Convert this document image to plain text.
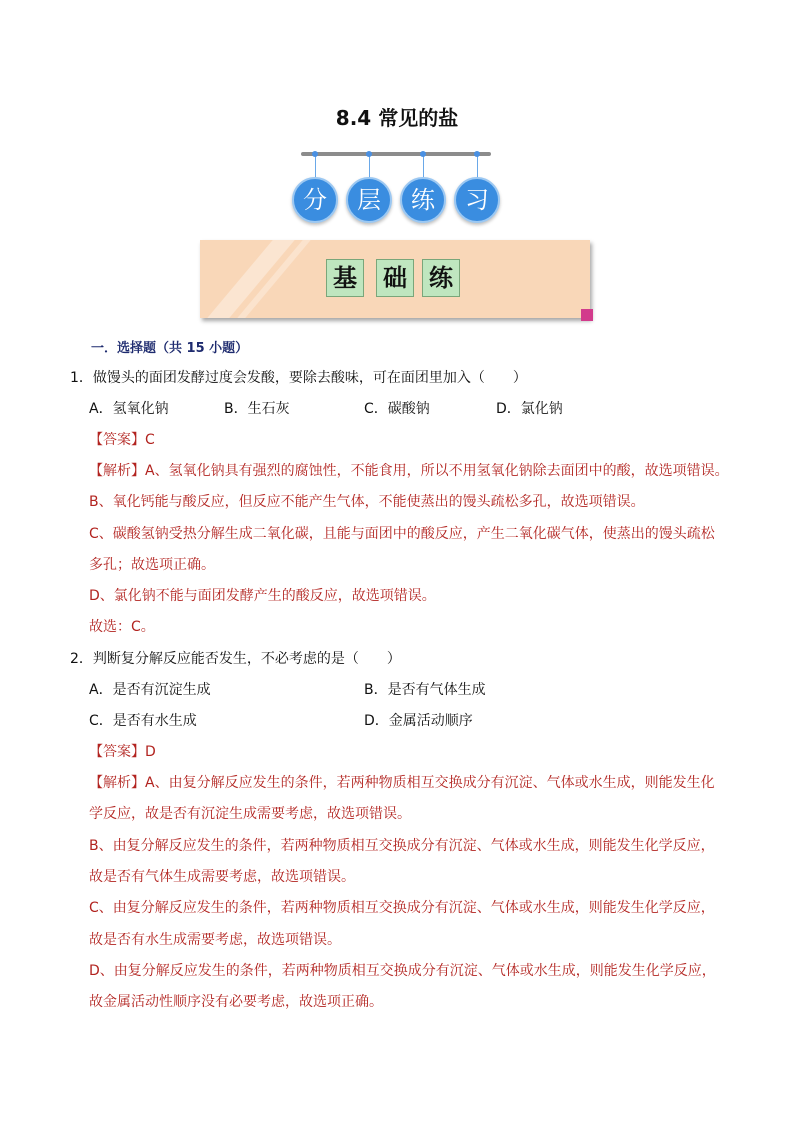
8.4 常见的盐
分	层	练	习
基 础 练
一．选择题（共 15 小题）
1．做馒头的面团发酵过度会发酸，要除去酸味，可在面团里加入（　　）
A．氢氧化钠	B．生石灰	C．碳酸钠	D．氯化钠
【答案】C
【解析】A、氢氧化钠具有强烈的腐蚀性，不能食用，所以不用氢氧化钠除去面团中的酸，故选项错误。
B、氧化钙能与酸反应，但反应不能产生气体，不能使蒸出的馒头疏松多孔，故选项错误。
C、碳酸氢钠受热分解生成二氧化碳，且能与面团中的酸反应，产生二氧化碳气体，使蒸出的馒头疏松
多孔；故选项正确。
D、氯化钠不能与面团发酵产生的酸反应，故选项错误。
故选：C。
2．判断复分解反应能否发生，不必考虑的是（　　）
A．是否有沉淀生成	B．是否有气体生成
C．是否有水生成	D．金属活动顺序
【答案】D
【解析】A、由复分解反应发生的条件，若两种物质相互交换成分有沉淀、气体或水生成，则能发生化
学反应，故是否有沉淀生成需要考虑，故选项错误。
B、由复分解反应发生的条件，若两种物质相互交换成分有沉淀、气体或水生成，则能发生化学反应，
故是否有气体生成需要考虑，故选项错误。
C、由复分解反应发生的条件，若两种物质相互交换成分有沉淀、气体或水生成，则能发生化学反应，
故是否有水生成需要考虑，故选项错误。
D、由复分解反应发生的条件，若两种物质相互交换成分有沉淀、气体或水生成，则能发生化学反应，
故金属活动性顺序没有必要考虑，故选项正确。
